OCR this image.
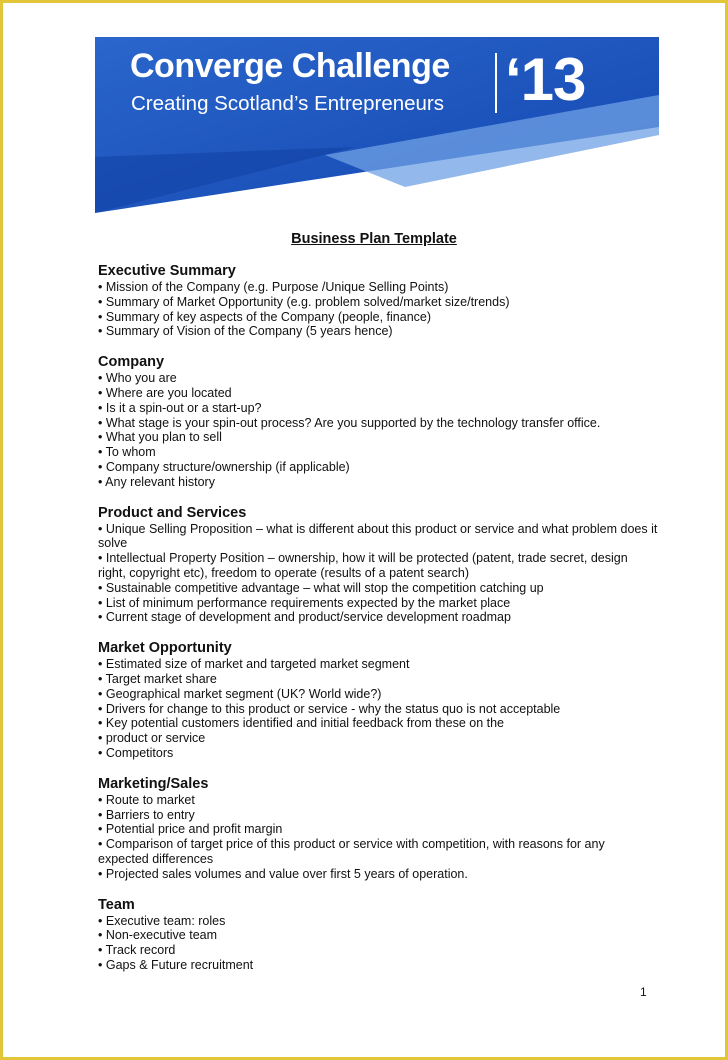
Converge Challenge
Creating Scotland’s Entrepreneurs ‘13
Business Plan Template
Executive Summary
• Mission of the Company (e.g. Purpose /Unique Selling Points)
• Summary of Market Opportunity (e.g. problem solved/market size/trends)
• Summary of key aspects of the Company (people, finance)
• Summary of Vision of the Company (5 years hence)
Company
• Who you are
• Where are you located
• Is it a spin-out or a start-up?
• What stage is your spin-out process? Are you supported by the technology transfer office.
• What you plan to sell
• To whom
• Company structure/ownership (if applicable)
• Any relevant history
Product and Services
• Unique Selling Proposition – what is different about this product or service and what problem does it solve
• Intellectual Property Position – ownership, how it will be protected (patent, trade secret, design right, copyright etc), freedom to operate (results of a patent search)
• Sustainable competitive advantage – what will stop the competition catching up
• List of minimum performance requirements expected by the market place
• Current stage of development and product/service development roadmap
Market Opportunity
• Estimated size of market and targeted market segment
• Target market share
• Geographical market segment (UK? World wide?)
• Drivers for change to this product or service - why the status quo is not acceptable
• Key potential customers identified and initial feedback from these on the
• product or service
• Competitors
Marketing/Sales
• Route to market
• Barriers to entry
• Potential price and profit margin
• Comparison of target price of this product or service with competition, with reasons for any expected differences
• Projected sales volumes and value over first 5 years of operation.
Team
• Executive team: roles
• Non-executive team
• Track record
• Gaps & Future recruitment
1
